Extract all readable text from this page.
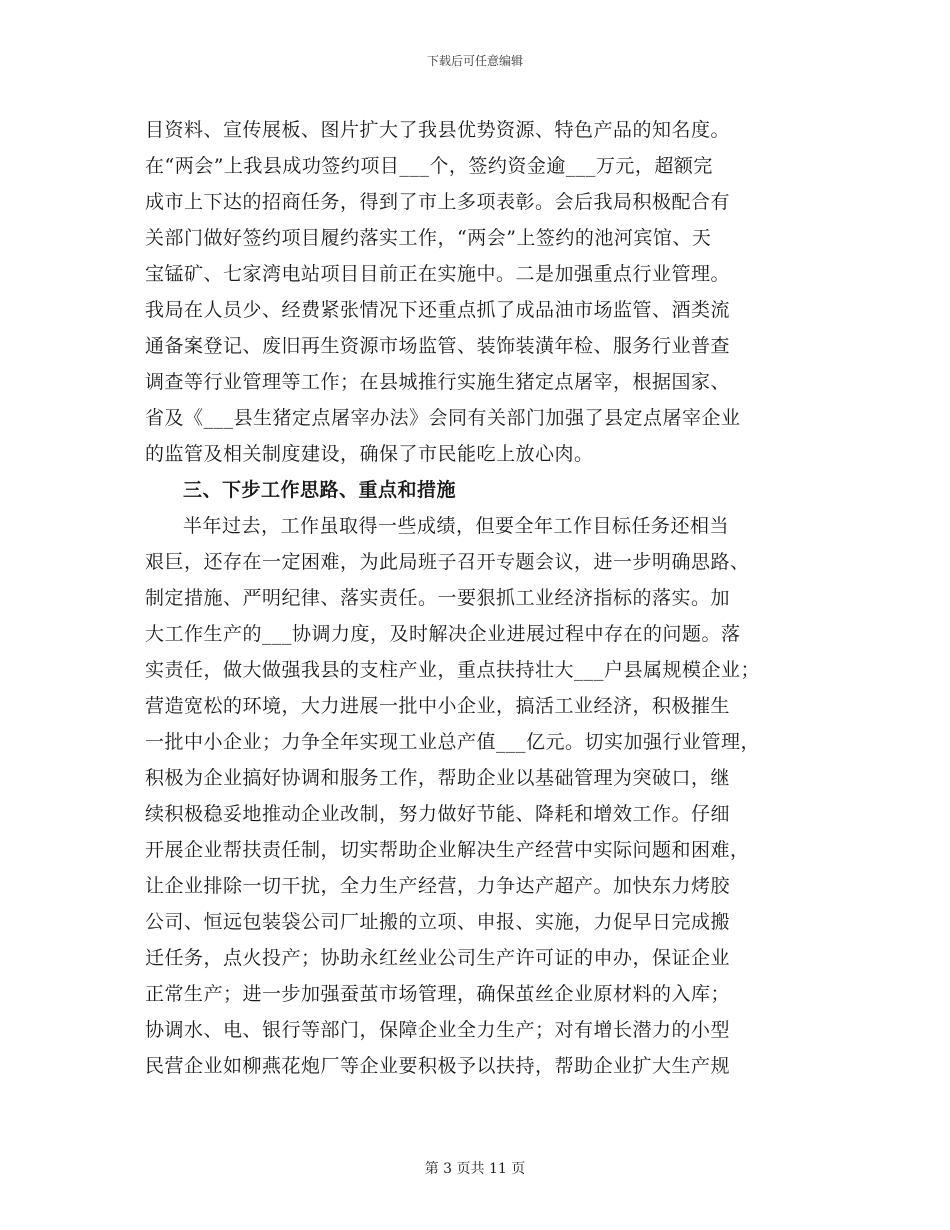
下载后可任意编辑
目资料、宣传展板、图片扩大了我县优势资源、特色产品的知名度。
在“两会”上我县成功签约项目___个，签约资金逾___万元，超额完
成市上下达的招商任务，得到了市上多项表彰。会后我局积极配合有
关部门做好签约项目履约落实工作，“两会”上签约的池河宾馆、天
宝锰矿、七家湾电站项目目前正在实施中。二是加强重点行业管理。
我局在人员少、经费紧张情况下还重点抓了成品油市场监管、酒类流
通备案登记、废旧再生资源市场监管、装饰装潢年检、服务行业普查
调查等行业管理等工作；在县城推行实施生猪定点屠宰，根据国家、
省及《___县生猪定点屠宰办法》会同有关部门加强了县定点屠宰企业
的监管及相关制度建设，确保了市民能吃上放心肉。
三、下步工作思路、重点和措施
半年过去，工作虽取得一些成绩，但要全年工作目标任务还相当
艰巨，还存在一定困难，为此局班子召开专题会议，进一步明确思路、
制定措施、严明纪律、落实责任。一要狠抓工业经济指标的落实。加
大工作生产的___协调力度，及时解决企业进展过程中存在的问题。落
实责任，做大做强我县的支柱产业，重点扶持壮大___户县属规模企业；
营造宽松的环境，大力进展一批中小企业，搞活工业经济，积极摧生
一批中小企业；力争全年实现工业总产值___亿元。切实加强行业管理，
积极为企业搞好协调和服务工作，帮助企业以基础管理为突破口，继
续积极稳妥地推动企业改制，努力做好节能、降耗和增效工作。仔细
开展企业帮扶责任制，切实帮助企业解决生产经营中实际问题和困难，
让企业排除一切干扰，全力生产经营，力争达产超产。加快东力烤胶
公司、恒远包装袋公司厂址搬的立项、申报、实施，力促早日完成搬
迁任务，点火投产；协助永红丝业公司生产许可证的申办，保证企业
正常生产；进一步加强蚕茧市场管理，确保茧丝企业原材料的入库；
协调水、电、银行等部门，保障企业全力生产；对有增长潜力的小型
民营企业如柳燕花炮厂等企业要积极予以扶持，帮助企业扩大生产规
第 3 页共 11 页
